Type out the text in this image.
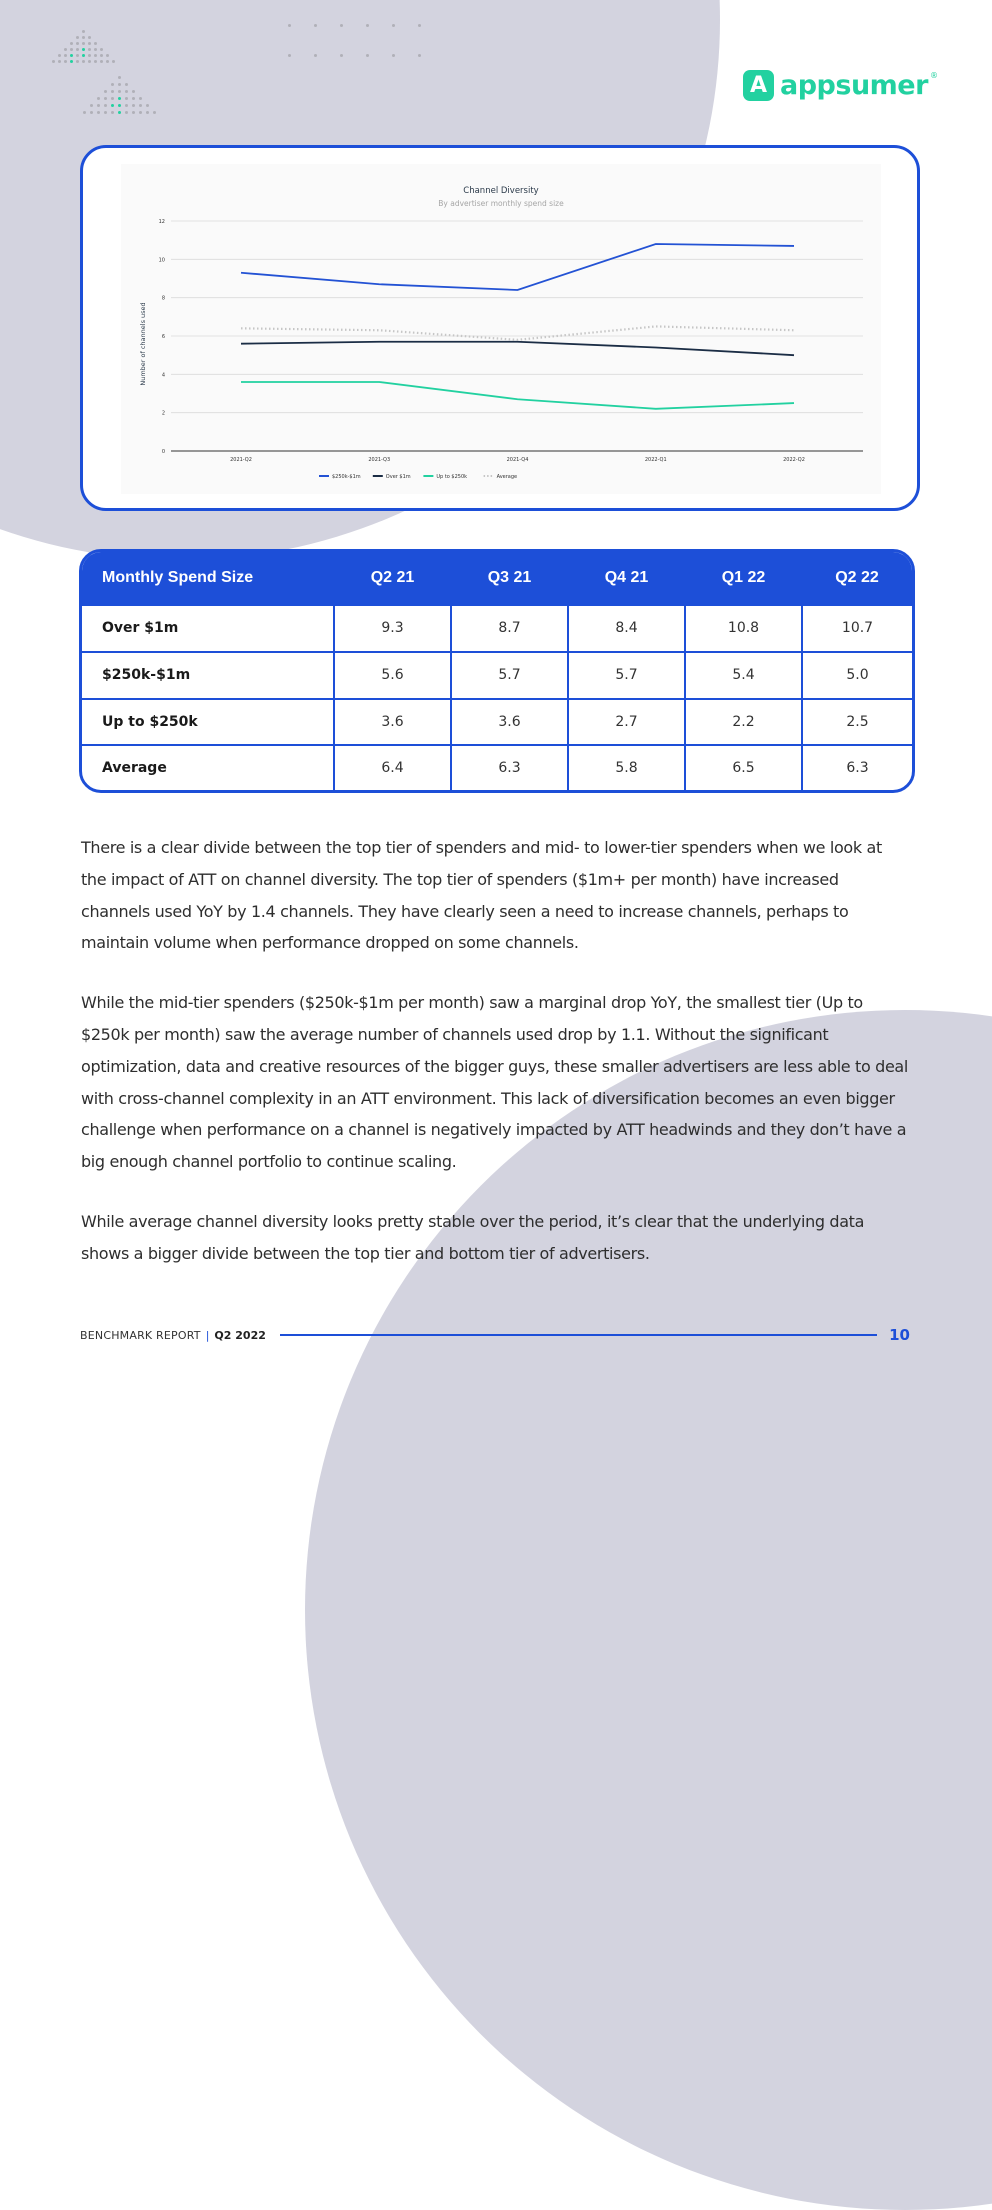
A appsumer ®
Channel Diversity
By advertiser monthly spend size
Number of channels used
0
2
4
6
8
10
12
2021-Q2	2021-Q3	2021-Q4	2022-Q1	2022-Q2
$250k-$1m	Over $1m	Up to $250k	Average
Monthly Spend Size	Q2 21	Q3 21	Q4 21	Q1 22	Q2 22
Over $1m	9.3	8.7	8.4	10.8	10.7
$250k-$1m	5.6	5.7	5.7	5.4	5.0
Up to $250k	3.6	3.6	2.7	2.2	2.5
Average	6.4	6.3	5.8	6.5	6.3

There is a clear divide between the top tier of spenders and mid- to lower-tier spenders when we look at the impact of ATT on channel diversity. The top tier of spenders ($1m+ per month) have increased channels used YoY by 1.4 channels. They have clearly seen a need to increase channels, perhaps to maintain volume when performance dropped on some channels.

While the mid-tier spenders ($250k-$1m per month) saw a marginal drop YoY, the smallest tier (Up to $250k per month) saw the average number of channels used drop by 1.1. Without the significant optimization, data and creative resources of the bigger guys, these smaller advertisers are less able to deal with cross-channel complexity in an ATT environment. This lack of diversification becomes an even bigger challenge when performance on a channel is negatively impacted by ATT headwinds and they don’t have a big enough channel portfolio to continue scaling.

While average channel diversity looks pretty stable over the period, it’s clear that the underlying data shows a bigger divide between the top tier and bottom tier of advertisers.

BENCHMARK REPORT | Q2 2022	10
